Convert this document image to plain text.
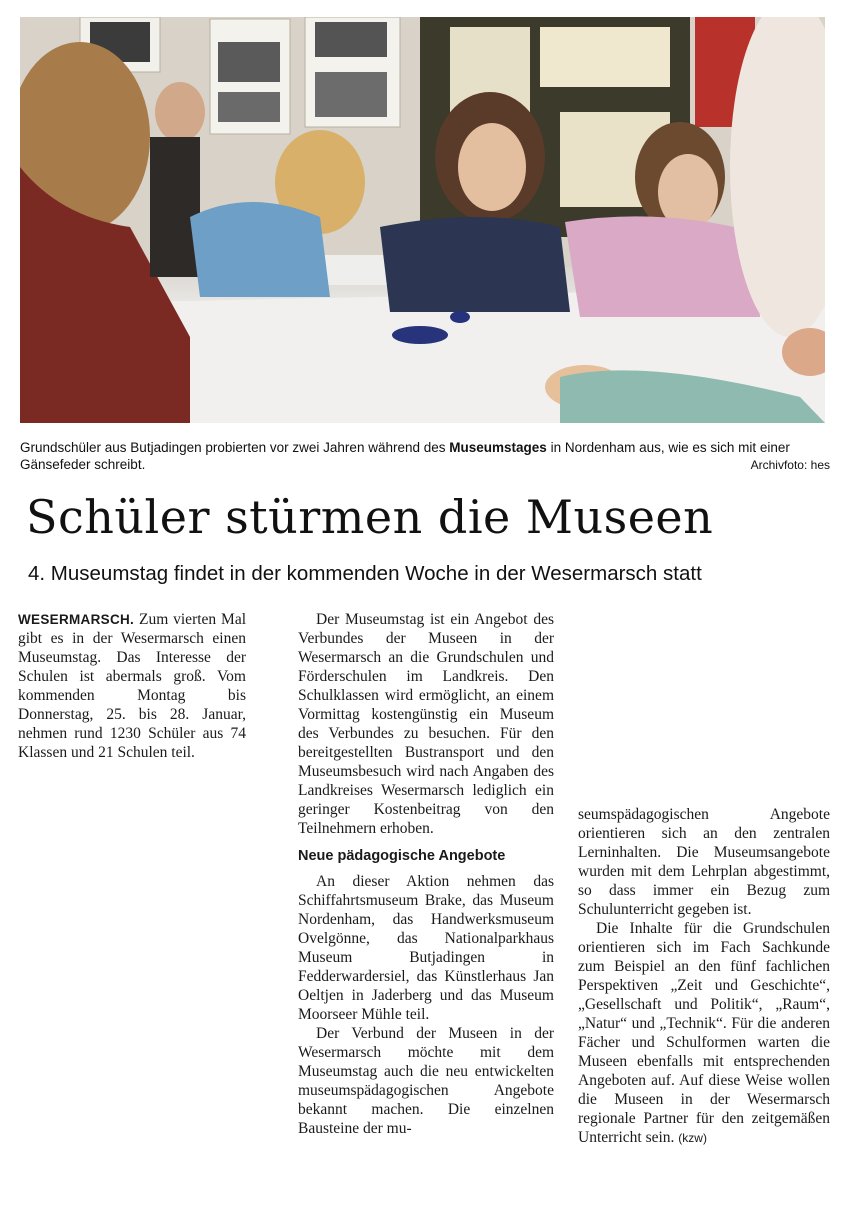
Grundschüler aus Butjadingen probierten vor zwei Jahren während des Museumstages in Nordenham aus, wie es sich mit einer Gänsefeder schreibt.	Archivfoto: hes
Schüler stürmen die Museen
4. Museumstag findet in der kommenden Woche in der Wesermarsch statt

WESERMARSCH. Zum vierten Mal gibt es in der Wesermarsch einen Museumstag. Das Interesse der Schulen ist abermals groß. Vom kommenden Montag bis Donnerstag, 25. bis 28. Januar, nehmen rund 1230 Schüler aus 74 Klassen und 21 Schulen teil.

Der Museumstag ist ein Angebot des Verbundes der Museen in der Wesermarsch an die Grundschulen und Förderschulen im Landkreis. Den Schulklassen wird ermöglicht, an einem Vormittag kostengünstig ein Museum des Verbundes zu besuchen. Für den bereitgestellten Bustransport und den Museumsbesuch wird nach Angaben des Landkreises Wesermarsch lediglich ein geringer Kostenbeitrag von den Teilnehmern erhoben.

Neue pädagogische Angebote

An dieser Aktion nehmen das Schiffahrtsmuseum Brake, das Museum Nordenham, das Handwerksmuseum Ovelgönne, das Nationalparkhaus Museum Butjadingen in Fedderwardersiel, das Künstlerhaus Jan Oeltjen in Jaderberg und das Museum Moorseer Mühle teil.

Der Verbund der Museen in der Wesermarsch möchte mit dem Museumstag auch die neu entwickelten museumspädagogischen Angebote bekannt machen. Die einzelnen Bausteine der mu-

seumspädagogischen Angebote orientieren sich an den zentralen Lerninhalten. Die Museumsangebote wurden mit dem Lehrplan abgestimmt, so dass immer ein Bezug zum Schulunterricht gegeben ist.

Die Inhalte für die Grundschulen orientieren sich im Fach Sachkunde zum Beispiel an den fünf fachlichen Perspektiven „Zeit und Geschichte“, „Gesellschaft und Politik“, „Raum“, „Natur“ und „Technik“. Für die anderen Fächer und Schulformen warten die Museen ebenfalls mit entsprechenden Angeboten auf. Auf diese Weise wollen die Museen in der Wesermarsch regionale Partner für den zeitgemäßen Unterricht sein. (kzw)
